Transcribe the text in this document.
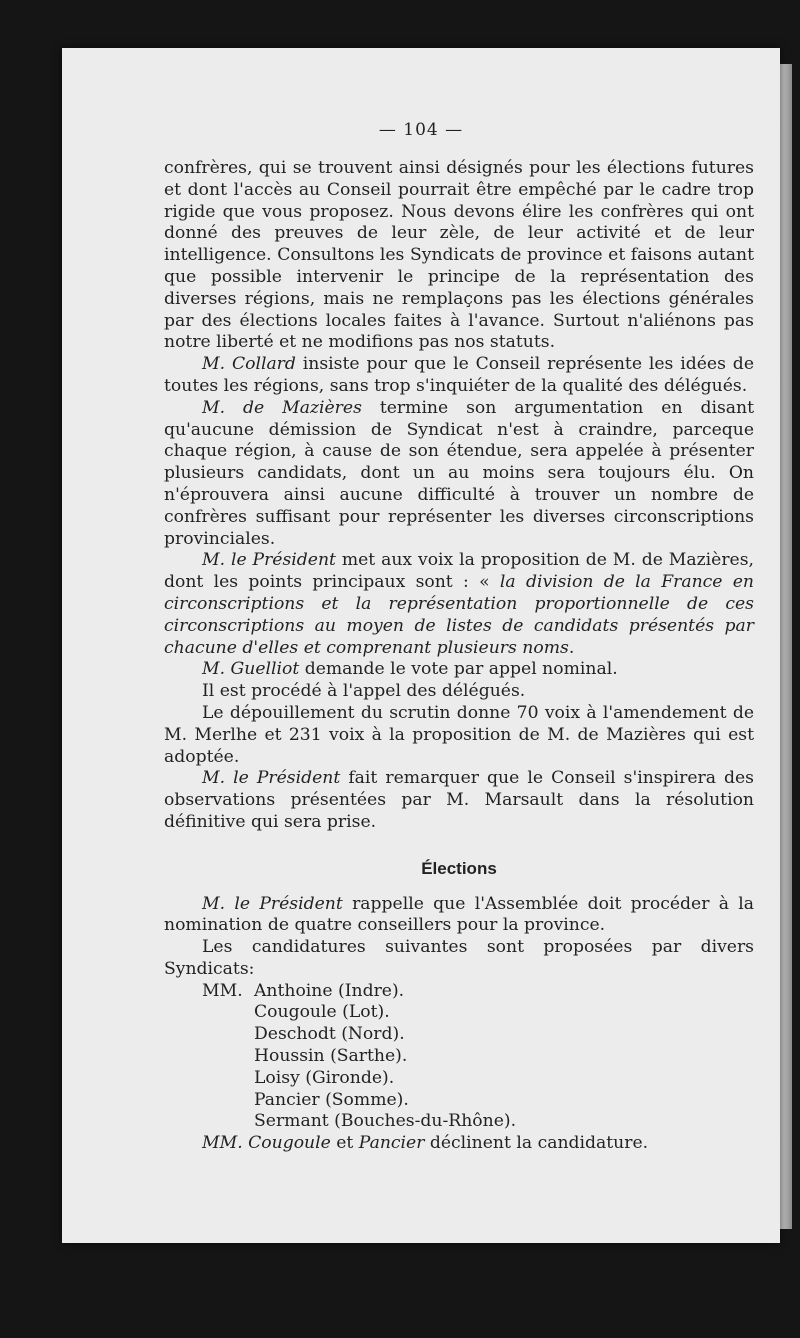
— 104 —

confrères, qui se trouvent ainsi désignés pour les élections futures et dont l'accès au Conseil pourrait être empêché par le cadre trop rigide que vous proposez. Nous devons élire les confrères qui ont donné des preuves de leur zèle, de leur activité et de leur intelligence. Consultons les Syndicats de province et faisons autant que possible intervenir le principe de la représentation des diverses régions, mais ne remplaçons pas les élections générales par des élections locales faites à l'avance. Surtout n'aliénons pas notre liberté et ne modifions pas nos statuts.

M. Collard insiste pour que le Conseil représente les idées de toutes les régions, sans trop s'inquiéter de la qualité des délégués.

M. de Mazières termine son argumentation en disant qu'aucune démission de Syndicat n'est à craindre, parceque chaque région, à cause de son étendue, sera appelée à présenter plusieurs candidats, dont un au moins sera toujours élu. On n'éprouvera ainsi aucune difficulté à trouver un nombre de confrères suffisant pour représenter les diverses circonscriptions provinciales.

M. le Président met aux voix la proposition de M. de Mazières, dont les points principaux sont : « la division de la France en circonscriptions et la représentation proportionnelle de ces circonscriptions au moyen de listes de candidats présentés par chacune d'elles et comprenant plusieurs noms.

M. Guelliot demande le vote par appel nominal.

Il est procédé à l'appel des délégués.

Le dépouillement du scrutin donne 70 voix à l'amendement de M. Merlhe et 231 voix à la proposition de M. de Mazières qui est adoptée.

M. le Président fait remarquer que le Conseil s'inspirera des observations présentées par M. Marsault dans la résolution définitive qui sera prise.

Élections

M. le Président rappelle que l'Assemblée doit procéder à la nomination de quatre conseillers pour la province.

Les candidatures suivantes sont proposées par divers Syndicats:

MM. Anthoine (Indre).
Cougoule (Lot).
Deschodt (Nord).
Houssin (Sarthe).
Loisy (Gironde).
Pancier (Somme).
Sermant (Bouches-du-Rhône).

MM. Cougoule et Pancier déclinent la candidature.
